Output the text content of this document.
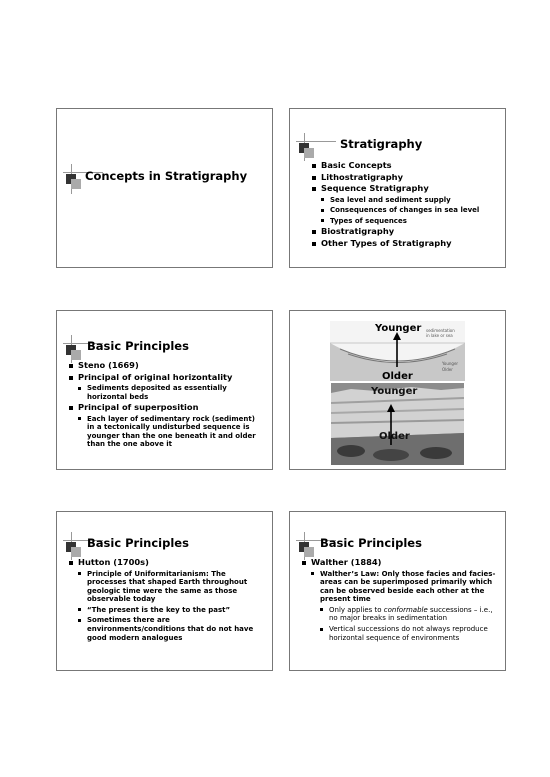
Concepts in Stratigraphy
Stratigraphy
Basic Concepts
Lithostratigraphy
Sequence Stratigraphy
Sea level and sediment supply
Consequences of changes in sea level
Types of sequences
Biostratigraphy
Other Types of Stratigraphy
Basic Principles
Steno (1669)
Principal of original horizontality
Sediments deposited as essentially horizontal beds
Principal of superposition
Each layer of sedimentary rock (sediment) in a tectonically undisturbed sequence is younger than the one beneath it and older than the one above it
Younger sedimentation
in lake or sea
Younger
Older
Older
Younger
Older
Basic Principles
Hutton (1700s)
Principle of Uniformitarianism: The processes that shaped Earth throughout geologic time were the same as those observable today
“The present is the key to the past”
Sometimes there are environments/conditions that do not have good modern analogues
Basic Principles
Walther (1884)
Walther’s Law: Only those facies and facies-areas can be superimposed primarily which can be observed beside each other at the present time
Only applies to conformable successions – i.e., no major breaks in sedimentation
Vertical successions do not always reproduce horizontal sequence of environments
